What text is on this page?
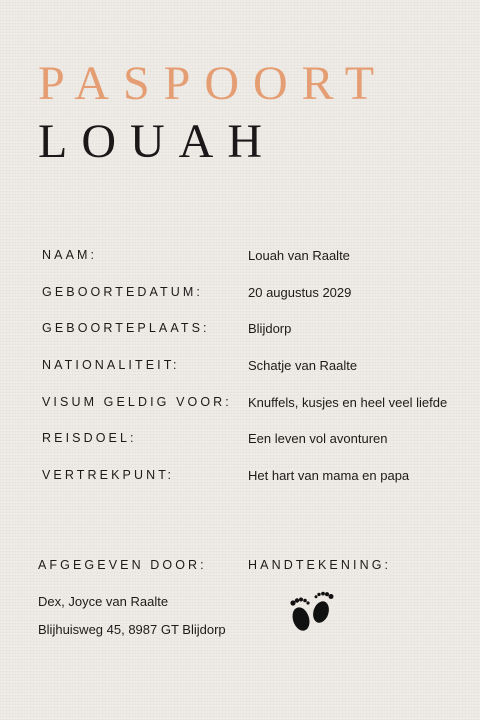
PASPOORT
LOUAH
NAAM:	Louah van Raalte
GEBOORTEDATUM:	20 augustus 2029
GEBOORTEPLAATS:	Blijdorp
NATIONALITEIT:	Schatje van Raalte
VISUM GELDIG VOOR: Knuffels, kusjes en heel veel liefde
REISDOEL:	Een leven vol avonturen
VERTREKPUNT:	Het hart van mama en papa
AFGEGEVEN DOOR:
Dex, Joyce van Raalte
Blijhuisweg 45, 8987 GT Blijdorp
HANDTEKENING:
